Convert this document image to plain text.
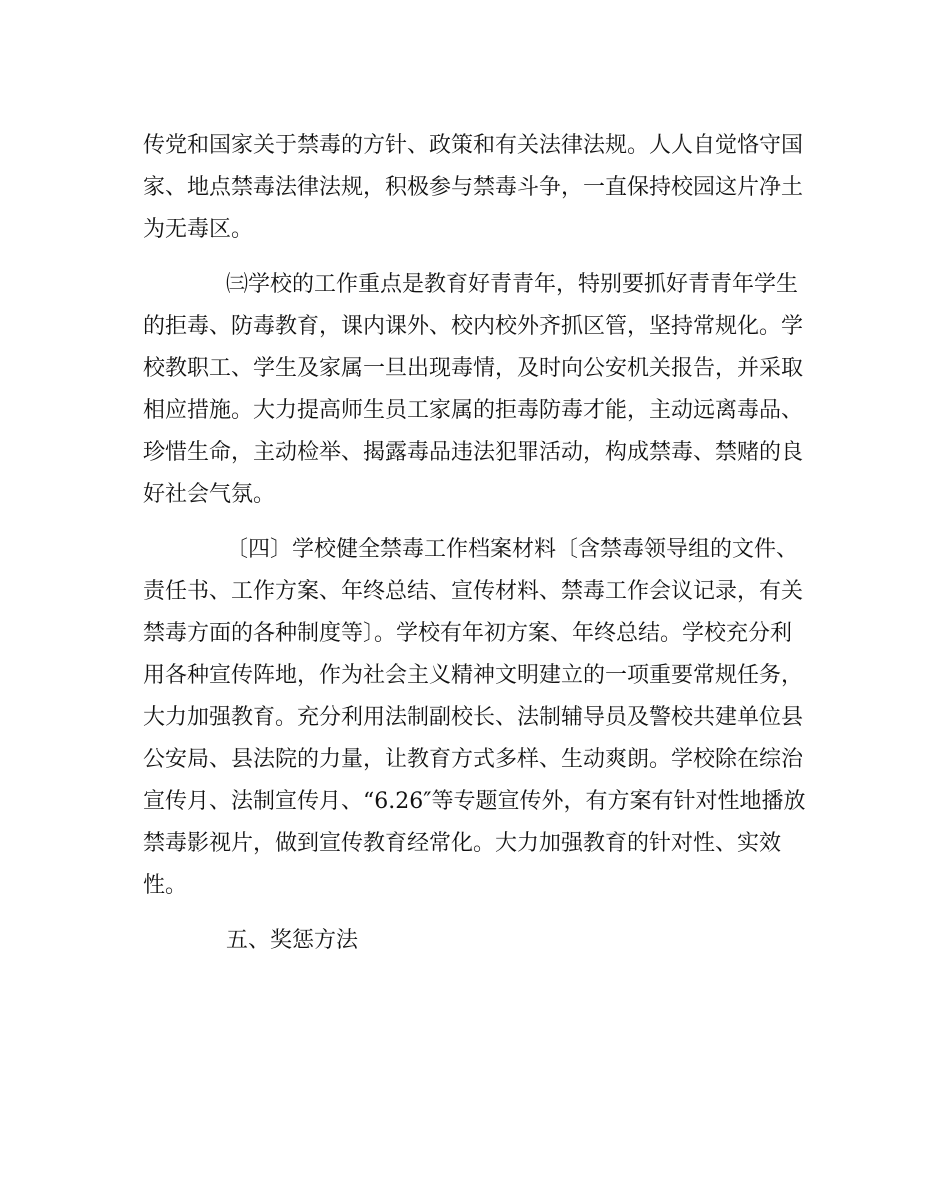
传党和国家关于禁毒的方针、政策和有关法律法规。人人自觉恪守国
家、地点禁毒法律法规，积极参与禁毒斗争，一直保持校园这片净土
为无毒区。
㈢学校的工作重点是教育好青青年，特别要抓好青青年学生
的拒毒、防毒教育，课内课外、校内校外齐抓区管，坚持常规化。学
校教职工、学生及家属一旦出现毒情，及时向公安机关报告，并采取
相应措施。大力提高师生员工家属的拒毒防毒才能，主动远离毒品、
珍惜生命，主动检举、揭露毒品违法犯罪活动，构成禁毒、禁赌的良
好社会气氛。
〔四〕学校健全禁毒工作档案材料〔含禁毒领导组的文件、
责任书、工作方案、年终总结、宣传材料、禁毒工作会议记录，有关
禁毒方面的各种制度等〕。学校有年初方案、年终总结。学校充分利
用各种宣传阵地，作为社会主义精神文明建立的一项重要常规任务，
大力加强教育。充分利用法制副校长、法制辅导员及警校共建单位县
公安局、县法院的力量，让教育方式多样、生动爽朗。学校除在综治
宣传月、法制宣传月、“6.26″等专题宣传外，有方案有针对性地播放
禁毒影视片，做到宣传教育经常化。大力加强教育的针对性、实效
性。
五、奖惩方法
